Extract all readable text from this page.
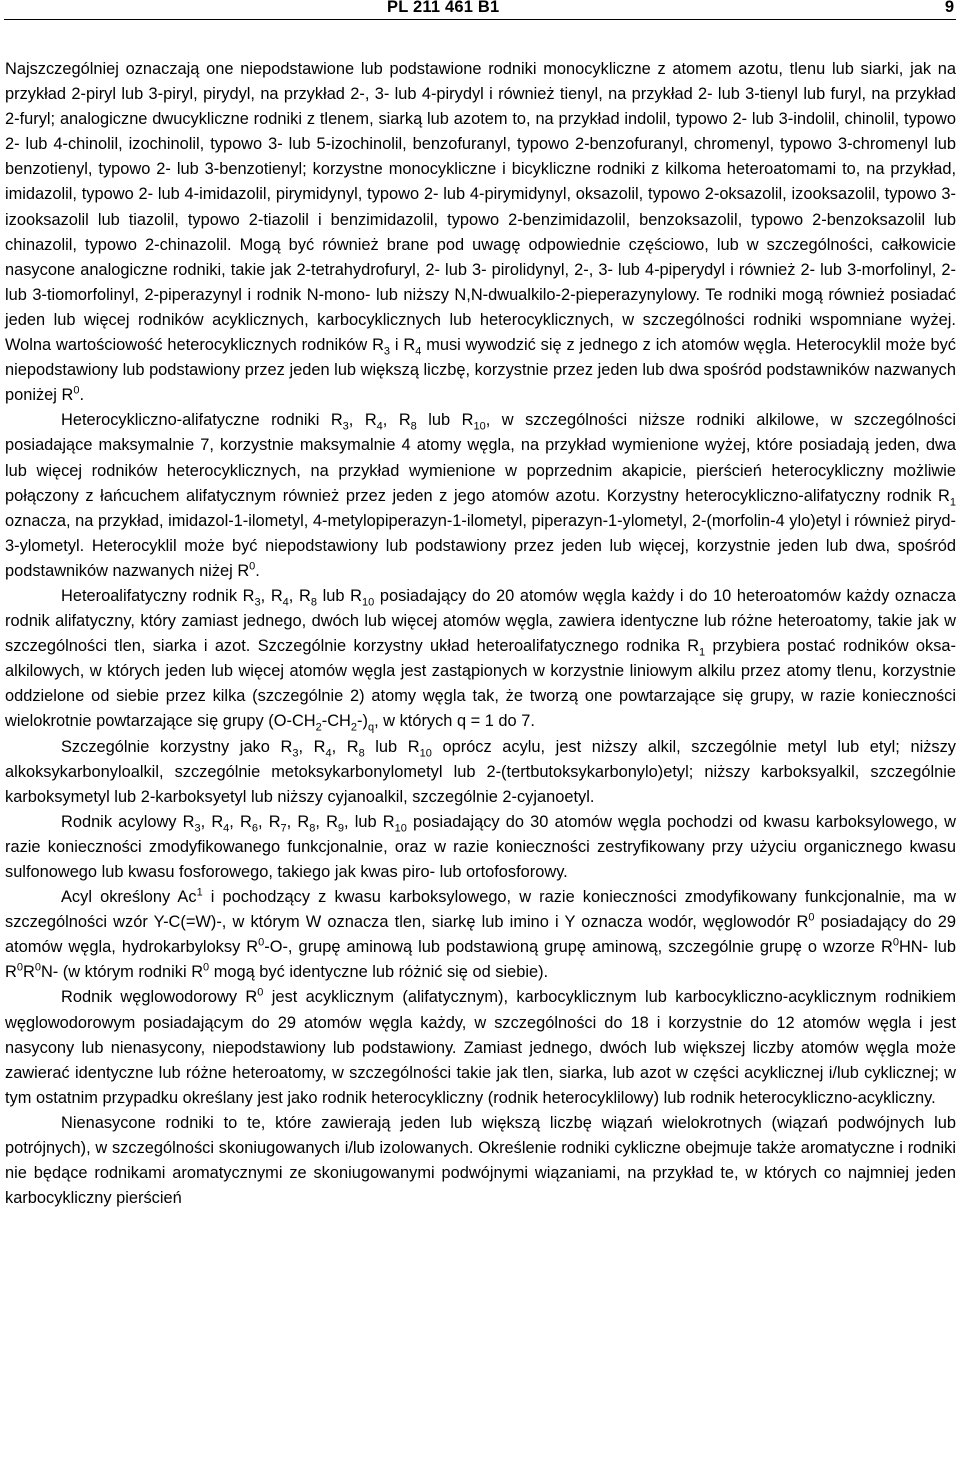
PL 211 461 B1	9

Najszczególniej oznaczają one niepodstawione lub podstawione rodniki monocykliczne z atomem azotu, tlenu lub siarki, jak na przykład 2-piryl lub 3-piryl, pirydyl, na przykład 2-, 3- lub 4-pirydyl i również tienyl, na przykład 2- lub 3-tienyl lub furyl, na przykład 2-furyl; analogiczne dwucykliczne rodniki z tlenem, siarką lub azotem to, na przykład indolil, typowo 2- lub 3-indolil, chinolil, typowo 2- lub 4-chinolil, izochinolil, typowo 3- lub 5-izochinolil, benzofuranyl, typowo 2-benzofuranyl, chromenyl, typowo 3-chromenyl lub benzotienyl, typowo 2- lub 3-benzotienyl; korzystne monocykliczne i bicykliczne rodniki z kilkoma heteroatomami to, na przykład, imidazolil, typowo 2- lub 4-imidazolil, pirymidynyl, typowo 2- lub 4-pirymidynyl, oksazolil, typowo 2-oksazolil, izooksazolil, typowo 3-izooksazolil lub tiazolil, typowo 2-tiazolil i benzimidazolil, typowo 2-benzimidazolil, benzoksazolil, typowo 2-benzoksazolil lub chinazolil, typowo 2-chinazolil. Mogą być również brane pod uwagę odpowiednie częściowo, lub w szczególności, całkowicie nasycone analogiczne rodniki, takie jak 2-tetrahydrofuryl, 2- lub 3- pirolidynyl, 2-, 3- lub 4-piperydyl i również 2- lub 3-morfolinyl, 2- lub 3-tiomorfolinyl, 2-piperazynyl i rodnik N-mono- lub niższy N,N-dwualkilo-2-pieperazynylowy. Te rodniki mogą również posiadać jeden lub więcej rodników acyklicznych, karbocyklicznych lub heterocyklicznych, w szczególności rodniki wspomniane wyżej. Wolna wartościowość heterocyklicznych rodników $R_3$ i $R_4$ musi wywodzić się z jednego z ich atomów węgla. Heterocyklil może być niepodstawiony lub podstawiony przez jeden lub większą liczbę, korzystnie przez jeden lub dwa spośród podstawników nazwanych poniżej $R^0$.

Heterocykliczno-alifatyczne rodniki $R_3$, $R_4$, $R_8$ lub $R_{10}$, w szczególności niższe rodniki alkilowe, w szczególności posiadające maksymalnie 7, korzystnie maksymalnie 4 atomy węgla, na przykład wymienione wyżej, które posiadają jeden, dwa lub więcej rodników heterocyklicznych, na przykład wymienione w poprzednim akapicie, pierścień heterocykliczny możliwie połączony z łańcuchem alifatycznym również przez jeden z jego atomów azotu. Korzystny heterocykliczno-alifatyczny rodnik $R_1$ oznacza, na przykład, imidazol-1-ilometyl, 4-metylopiperazyn-1-ilometyl, piperazyn-1-ylometyl, 2-(morfolin-4 ylo)etyl i również piryd-3-ylometyl. Heterocyklil może być niepodstawiony lub podstawiony przez jeden lub więcej, korzystnie jeden lub dwa, spośród podstawników nazwanych niżej $R^0$.

Heteroalifatyczny rodnik $R_3$, $R_4$, $R_8$ lub $R_{10}$ posiadający do 20 atomów węgla każdy i do 10 heteroatomów każdy oznacza rodnik alifatyczny, który zamiast jednego, dwóch lub więcej atomów węgla, zawiera identyczne lub różne heteroatomy, takie jak w szczególności tlen, siarka i azot. Szczególnie korzystny układ heteroalifatycznego rodnika $R_1$ przybiera postać rodników oksa-alkilowych, w których jeden lub więcej atomów węgla jest zastąpionych w korzystnie liniowym alkilu przez atomy tlenu, korzystnie oddzielone od siebie przez kilka (szczególnie 2) atomy węgla tak, że tworzą one powtarzające się grupy, w razie konieczności wielokrotnie powtarzające się grupy $(O-CH_2-CH_2-)_q$, w których q = 1 do 7.

Szczególnie korzystny jako $R_3$, $R_4$, $R_8$ lub $R_{10}$ oprócz acylu, jest niższy alkil, szczególnie metyl lub etyl; niższy alkoksykarbonyloalkil, szczególnie metoksykarbonylometyl lub 2-(tertbutoksykarbonylo)etyl; niższy karboksyalkil, szczególnie karboksymetyl lub 2-karboksyetyl lub niższy cyjanoalkil, szczególnie 2-cyjanoetyl.

Rodnik acylowy $R_3$, $R_4$, $R_6$, $R_7$, $R_8$, $R_9$, lub $R_{10}$ posiadający do 30 atomów węgla pochodzi od kwasu karboksylowego, w razie konieczności zmodyfikowanego funkcjonalnie, oraz w razie konieczności zestryfikowany przy użyciu organicznego kwasu sulfonowego lub kwasu fosforowego, takiego jak kwas piro- lub ortofosforowy.

Acyl określony Ac$^1$ i pochodzący z kwasu karboksylowego, w razie konieczności zmodyfikowany funkcjonalnie, ma w szczególności wzór Y-C(=W)-, w którym W oznacza tlen, siarkę lub imino i Y oznacza wodór, węglowodór $R^0$ posiadający do 29 atomów węgla, hydrokarbyloksy $R^0-O-$, grupę aminową lub podstawioną grupę aminową, szczególnie grupę o wzorze $R^0HN-$ lub $R^0R^0N-$ (w którym rodniki $R^0$ mogą być identyczne lub różnić się od siebie).

Rodnik węglowodorowy $R^0$ jest acyklicznym (alifatycznym), karbocyklicznym lub karbocykliczno-acyklicznym rodnikiem węglowodorowym posiadającym do 29 atomów węgla każdy, w szczególności do 18 i korzystnie do 12 atomów węgla i jest nasycony lub nienasycony, niepodstawiony lub podstawiony. Zamiast jednego, dwóch lub większej liczby atomów węgla może zawierać identyczne lub różne heteroatomy, w szczególności takie jak tlen, siarka, lub azot w części acyklicznej i/lub cyklicznej; w tym ostatnim przypadku określany jest jako rodnik heterocykliczny (rodnik heterocyklilowy) lub rodnik heterocykliczno-acykliczny.

Nienasycone rodniki to te, które zawierają jeden lub większą liczbę wiązań wielokrotnych (wiązań podwójnych lub potrójnych), w szczególności skoniugowanych i/lub izolowanych. Określenie rodniki cykliczne obejmuje także aromatyczne i rodniki nie będące rodnikami aromatycznymi ze skoniugowanymi podwójnymi wiązaniami, na przykład te, w których co najmniej jeden karbocykliczny pierścień
